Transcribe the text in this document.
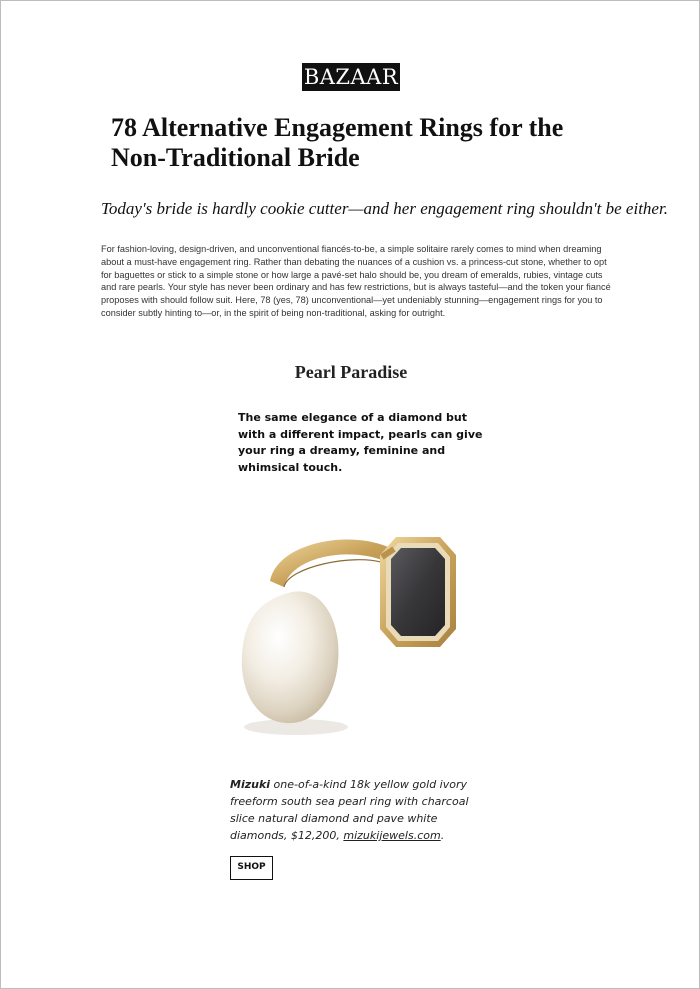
BAZAAR
78 Alternative Engagement Rings for the Non-Traditional Bride

Today's bride is hardly cookie cutter—and her engagement ring shouldn't be either.

For fashion-loving, design-driven, and unconventional fiancés-to-be, a simple solitaire rarely comes to mind when dreaming about a must-have engagement ring. Rather than debating the nuances of a cushion vs. a princess-cut stone, whether to opt for baguettes or stick to a simple stone or how large a pavé-set halo should be, you dream of emeralds, rubies, vintage cuts and rare pearls. Your style has never been ordinary and has few restrictions, but is always tasteful—and the token your fiancé proposes with should follow suit. Here, 78 (yes, 78) unconventional—yet undeniably stunning—engagement rings for you to consider subtly hinting to—or, in the spirit of being non-traditional, asking for outright.

Pearl Paradise

The same elegance of a diamond but with a different impact, pearls can give your ring a dreamy, feminine and whimsical touch.

Mizuki one-of-a-kind 18k yellow gold ivory freeform south sea pearl ring with charcoal slice natural diamond and pave white diamonds, $12,200, mizukijewels.com.

SHOP
